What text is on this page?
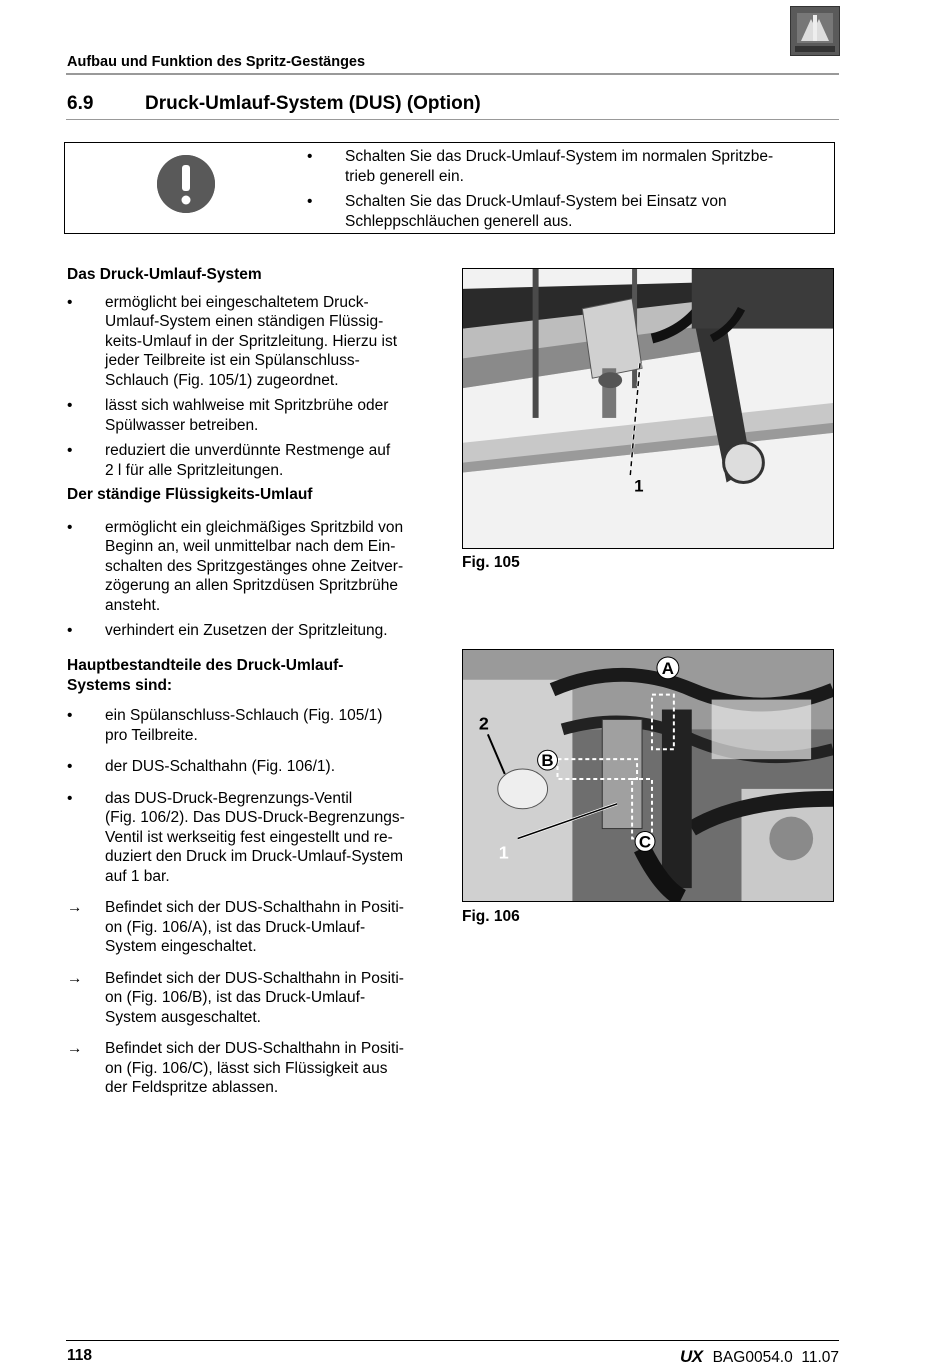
Aufbau und Funktion des Spritz-Gestänges
6.9	Druck-Umlauf-System (DUS) (Option)
• Schalten Sie das Druck-Umlauf-System im normalen Spritzbe-
trieb generell ein.
• Schalten Sie das Druck-Umlauf-System bei Einsatz von
Schleppschläuchen generell aus.
Das Druck-Umlauf-System
•	ermöglicht bei eingeschaltetem Druck-
Umlauf-System einen ständigen Flüssig-
keits-Umlauf in der Spritzleitung. Hierzu ist
jeder Teilbreite ist ein Spülanschluss-
Schlauch (Fig. 105/1) zugeordnet.
•	lässt sich wahlweise mit Spritzbrühe oder
Spülwasser betreiben.
•	reduziert die unverdünnte Restmenge auf
2 l für alle Spritzleitungen.
Der ständige Flüssigkeits-Umlauf
•	ermöglicht ein gleichmäßiges Spritzbild von
Beginn an, weil unmittelbar nach dem Ein-
schalten des Spritzgestänges ohne Zeitver-
zögerung an allen Spritzdüsen Spritzbrühe
ansteht.
•	verhindert ein Zusetzen der Spritzleitung.
Hauptbestandteile des Druck-Umlauf-
Systems sind:
•	ein Spülanschluss-Schlauch (Fig. 105/1)
pro Teilbreite.
•	der DUS-Schalthahn (Fig. 106/1).
•	das DUS-Druck-Begrenzungs-Ventil
(Fig. 106/2). Das DUS-Druck-Begrenzungs-
Ventil ist werkseitig fest eingestellt und re-
duziert den Druck im Druck-Umlauf-System
auf 1 bar.
→ Befindet sich der DUS-Schalthahn in Positi-
on (Fig. 106/A), ist das Druck-Umlauf-
System eingeschaltet.
→ Befindet sich der DUS-Schalthahn in Positi-
on (Fig. 106/B), ist das Druck-Umlauf-
System ausgeschaltet.
→ Befindet sich der DUS-Schalthahn in Positi-
on (Fig. 106/C), lässt sich Flüssigkeit aus
der Feldspritze ablassen.
1
Fig. 105
A
2
B
1
C
Fig. 106
118	UX BAG0054.0  11.07
